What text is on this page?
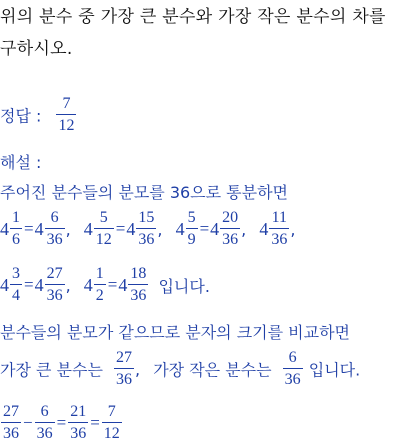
위의 분수 중 가장 큰 분수와 가장 작은 분수의 차를
구하시오.
정답 : $\frac{7}{12}$
해설 :
주어진 분수들의 분모를 36으로 통분하면
$4 \frac{1}{6} =4 \frac{6}{36}$ , $4 \frac{5}{12} =4 \frac{15}{36}$ , $4 \frac{5}{9} =4 \frac{20}{36}$ , $4 \frac{11}{36}$ ,
$4 \frac{3}{4} =4 \frac{27}{36}$ , $4 \frac{1}{2} =4 \frac{18}{36}$ 입니다.
분수들의 분모가 같으므로 분자의 크기를 비교하면
가장 큰 분수는 $\frac{27}{36}$ , 가장 작은 분수는 $\frac{6}{36}$ 입니다.
$\frac{27}{36} - \frac{6}{36} = \frac{21}{36} = \frac{7}{12}$
